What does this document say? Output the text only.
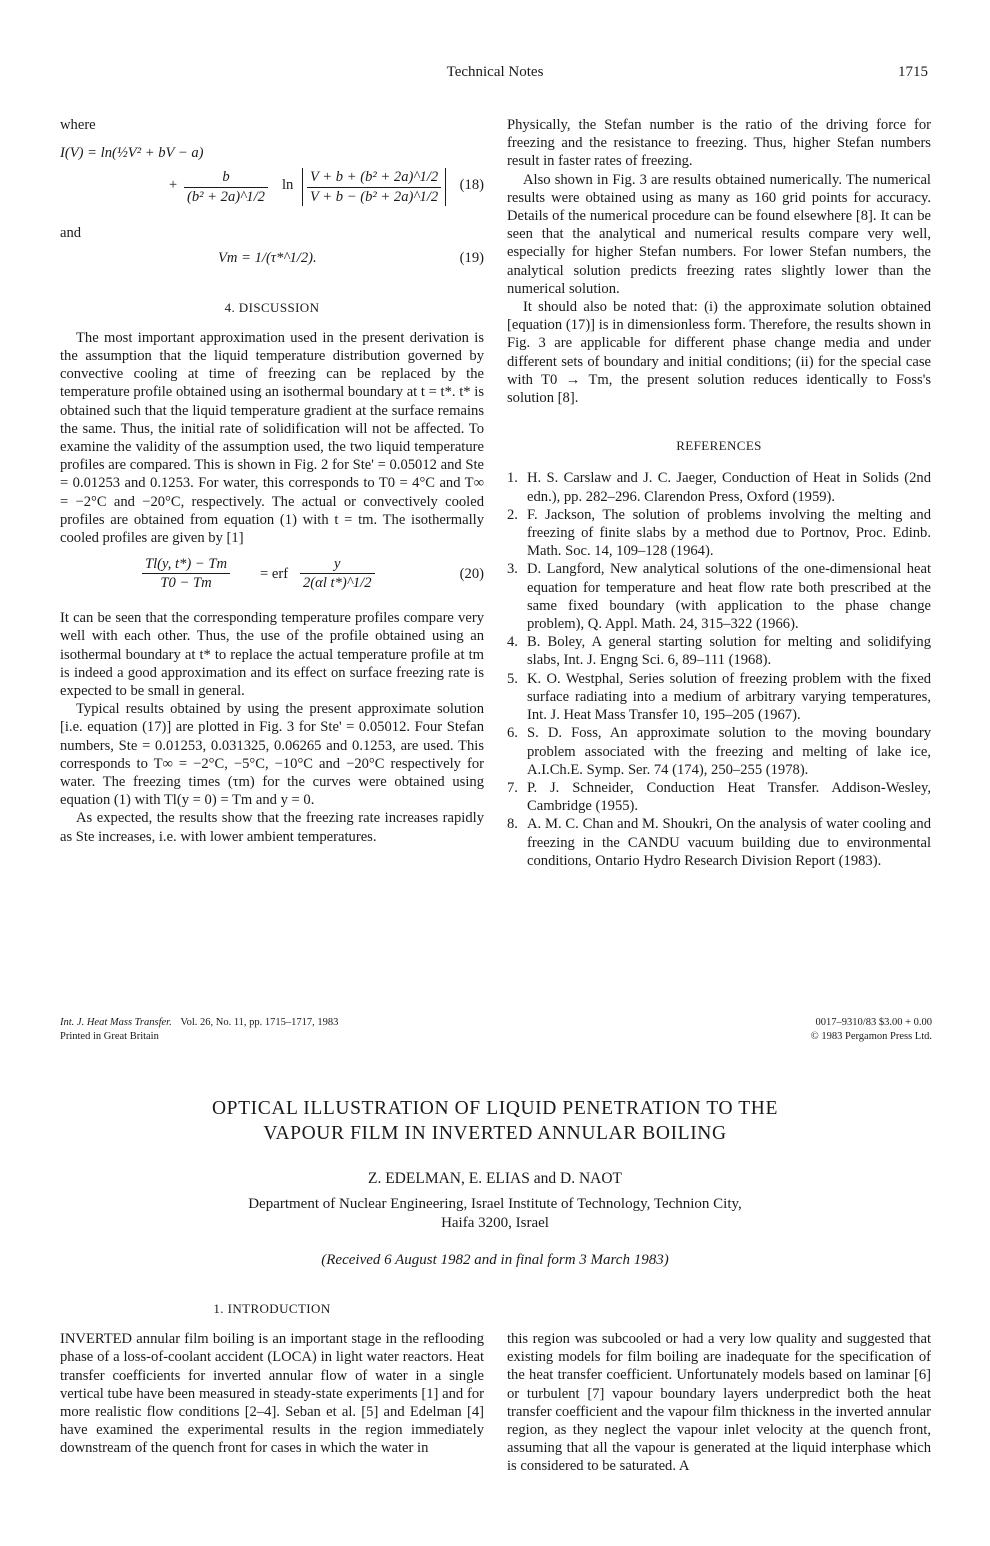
Technical Notes	1715
where
I(V) = ln(½V² + bV − a)
+ $\frac{b}{\text{(b² + 2a)\textasciicircum{}1/2}}$ $\ln \frac{\text{V + b + (b² + 2a)\textasciicircum{}1/2}}{\text{V + b − (b² + 2a)\textasciicircum{}1/2}} (18)$
and
Vm = 1/(τ*^1/2).	(19)
4. DISCUSSION

The most important approximation used in the present derivation is the assumption that the liquid temperature distribution governed by convective cooling at time of freezing can be replaced by the temperature profile obtained using an isothermal boundary at t = t*. t* is obtained such that the liquid temperature gradient at the surface remains the same. Thus, the initial rate of solidification will not be affected. To examine the validity of the assumption used, the two liquid temperature profiles are compared. This is shown in Fig. 2 for Ste' = 0.05012 and Ste = 0.01253 and 0.1253. For water, this corresponds to T0 = 4°C and T∞ = −2°C and −20°C, respectively. The actual or convectively cooled profiles are obtained from equation (1) with t = tm. The isothermally cooled profiles are given by [1]

$\frac{Tl(y, t*) - Tm}{T0 - Tm}$ = erf $\frac{y}{\text{2(αl t*)\textasciicircum{}1/2}}$	(20)

It can be seen that the corresponding temperature profiles compare very well with each other. Thus, the use of the profile obtained using an isothermal boundary at t* to replace the actual temperature profile at tm is indeed a good approximation and its effect on surface freezing rate is expected to be small in general.

Typical results obtained by using the present approximate solution [i.e. equation (17)] are plotted in Fig. 3 for Ste' = 0.05012. Four Stefan numbers, Ste = 0.01253, 0.031325, 0.06265 and 0.1253, are used. This corresponds to T∞ = −2°C, −5°C, −10°C and −20°C respectively for water. The freezing times (τm) for the curves were obtained using equation (1) with Tl(y = 0) = Tm and y = 0.

As expected, the results show that the freezing rate increases rapidly as Ste increases, i.e. with lower ambient temperatures.

Physically, the Stefan number is the ratio of the driving force for freezing and the resistance to freezing. Thus, higher Stefan numbers result in faster rates of freezing.

Also shown in Fig. 3 are results obtained numerically. The numerical results were obtained using as many as 160 grid points for accuracy. Details of the numerical procedure can be found elsewhere [8]. It can be seen that the analytical and numerical results compare very well, especially for higher Stefan numbers. For lower Stefan numbers, the analytical solution predicts freezing rates slightly lower than the numerical solution.

It should also be noted that: (i) the approximate solution obtained [equation (17)] is in dimensionless form. Therefore, the results shown in Fig. 3 are applicable for different phase change media and under different sets of boundary and initial conditions; (ii) for the special case with T0 → Tm, the present solution reduces identically to Foss's solution [8].

REFERENCES
1. H. S. Carslaw and J. C. Jaeger, Conduction of Heat in Solids (2nd edn.), pp. 282–296. Clarendon Press, Oxford (1959).
2. F. Jackson, The solution of problems involving the melting and freezing of finite slabs by a method due to Portnov, Proc. Edinb. Math. Soc. 14, 109–128 (1964).
3. D. Langford, New analytical solutions of the one-dimensional heat equation for temperature and heat flow rate both prescribed at the same fixed boundary (with application to the phase change problem), Q. Appl. Math. 24, 315–322 (1966).
4. B. Boley, A general starting solution for melting and solidifying slabs, Int. J. Engng Sci. 6, 89–111 (1968).
5. K. O. Westphal, Series solution of freezing problem with the fixed surface radiating into a medium of arbitrary varying temperatures, Int. J. Heat Mass Transfer 10, 195–205 (1967).
6. S. D. Foss, An approximate solution to the moving boundary problem associated with the freezing and melting of lake ice, A.I.Ch.E. Symp. Ser. 74 (174), 250–255 (1978).
7. P. J. Schneider, Conduction Heat Transfer. Addison-Wesley, Cambridge (1955).
8. A. M. C. Chan and M. Shoukri, On the analysis of water cooling and freezing in the CANDU vacuum building due to environmental conditions, Ontario Hydro Research Division Report (1983).
Int. J. Heat Mass Transfer. Vol. 26, No. 11, pp. 1715–1717, 1983
Printed in Great Britain
0017–9310/83 $3.00 + 0.00
© 1983 Pergamon Press Ltd.
OPTICAL ILLUSTRATION OF LIQUID PENETRATION TO THE
VAPOUR FILM IN INVERTED ANNULAR BOILING
Z. EDELMAN, E. ELIAS and D. NAOT
Department of Nuclear Engineering, Israel Institute of Technology, Technion City,
Haifa 3200, Israel
(Received 6 August 1982 and in final form 3 March 1983)
1. INTRODUCTION

INVERTED annular film boiling is an important stage in the reflooding phase of a loss-of-coolant accident (LOCA) in light water reactors. Heat transfer coefficients for inverted annular flow of water in a single vertical tube have been measured in steady-state experiments [1] and for more realistic flow conditions [2–4]. Seban et al. [5] and Edelman [4] have examined the experimental results in the region immediately downstream of the quench front for cases in which the water in

this region was subcooled or had a very low quality and suggested that existing models for film boiling are inadequate for the specification of the heat transfer coefficient. Unfortunately models based on laminar [6] or turbulent [7] vapour boundary layers underpredict both the heat transfer coefficient and the vapour film thickness in the inverted annular region, as they neglect the vapour inlet velocity at the quench front, assuming that all the vapour is generated at the liquid interphase which is considered to be saturated. A
